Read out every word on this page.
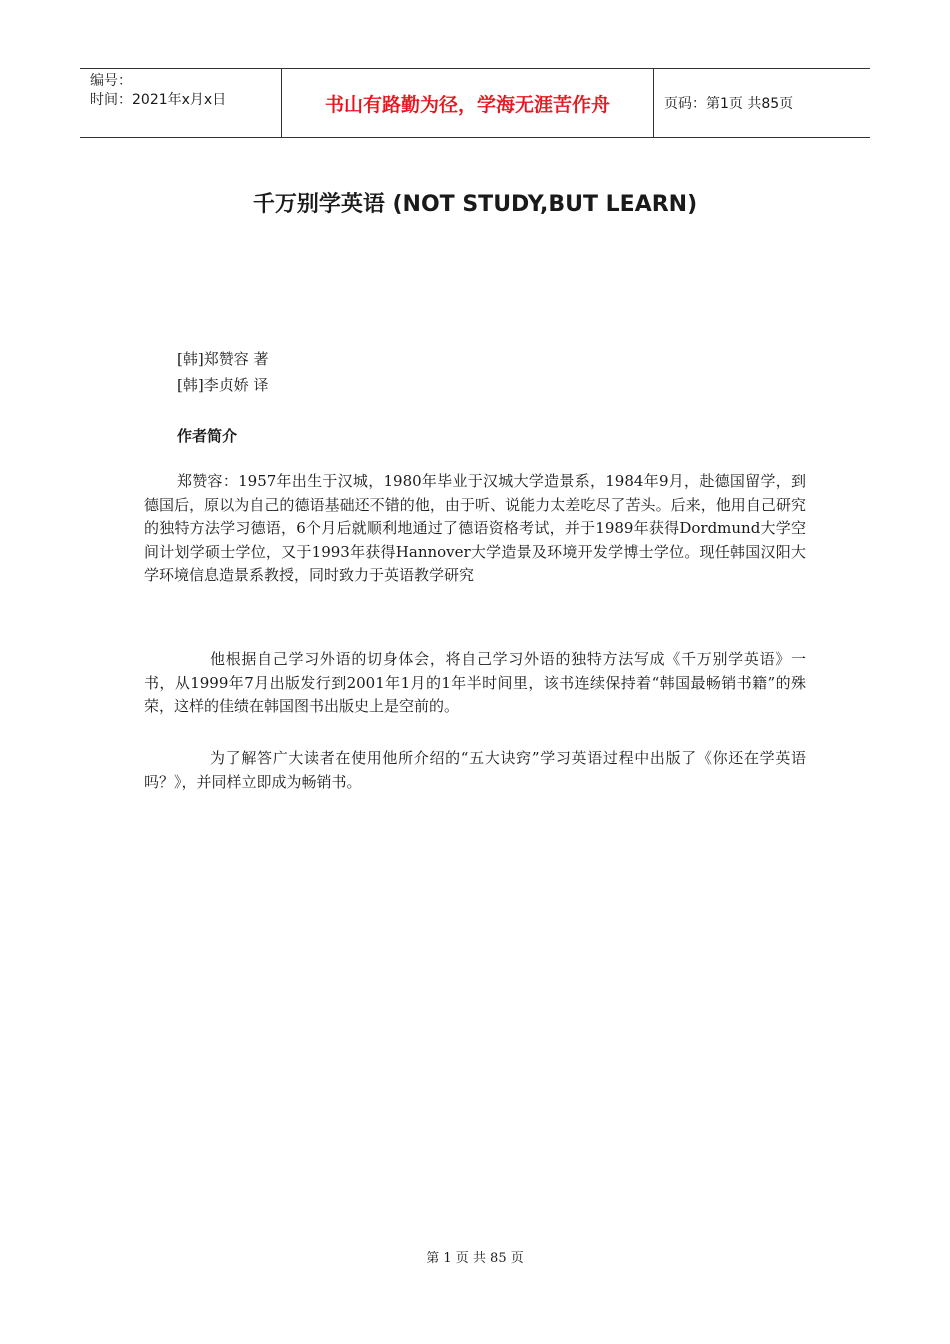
编号：
时间：2021年x月x日	书山有路勤为径，学海无涯苦作舟	页码：第1页 共85页
千万别学英语 (NOT STUDY,BUT LEARN)
[韩]郑赞容 著
[韩]李贞娇 译
作者简介

郑赞容：1957年出生于汉城，1980年毕业于汉城大学造景系，1984年9月，赴德国留学，到德国后，原以为自己的德语基础还不错的他，由于听、说能力太差吃尽了苦头。后来，他用自己研究的独特方法学习德语，6个月后就顺利地通过了德语资格考试，并于1989年获得Dordmund大学空间计划学硕士学位，又于1993年获得Hannover大学造景及环境开发学博士学位。现任韩国汉阳大学环境信息造景系教授，同时致力于英语教学研究

他根据自己学习外语的切身体会，将自己学习外语的独特方法写成《千万别学英语》一书，从1999年7月出版发行到2001年1月的1年半时间里，该书连续保持着“韩国最畅销书籍”的殊荣，这样的佳绩在韩国图书出版史上是空前的。

为了解答广大读者在使用他所介绍的“五大诀窍”学习英语过程中出版了《你还在学英语吗？》，并同样立即成为畅销书。

第 1 页 共 85 页
